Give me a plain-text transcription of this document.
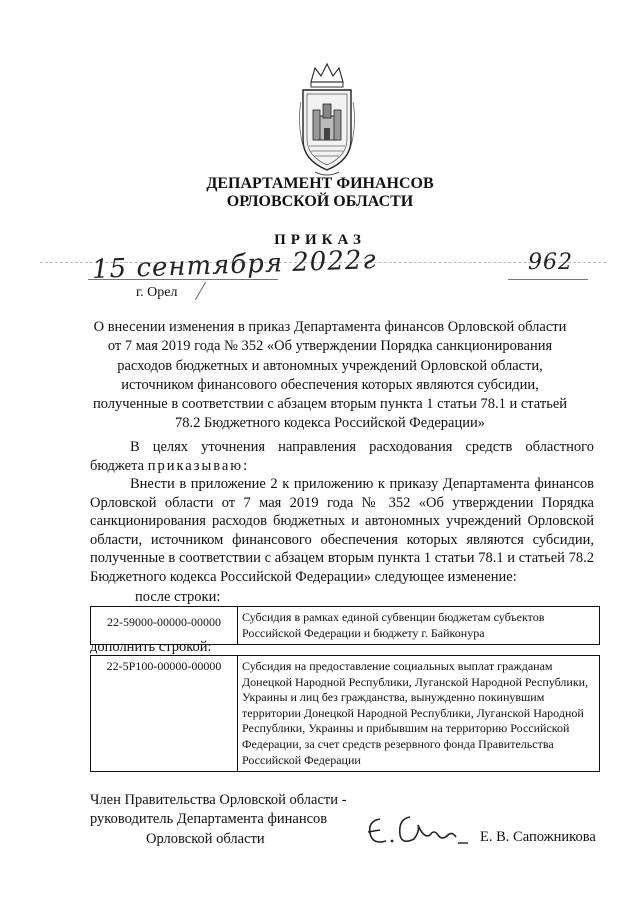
ДЕПАРТАМЕНТ ФИНАНСОВ
ОРЛОВСКОЙ ОБЛАСТИ
ПРИКАЗ
15 сентября 2022г	962
г. Орел
О внесении изменения в приказ Департамента финансов Орловской области
от 7 мая 2019 года № 352 «Об утверждении Порядка санкционирования
расходов бюджетных и автономных учреждений Орловской области,
источником финансового обеспечения которых являются субсидии,
полученные в соответствии с абзацем вторым пункта 1 статьи 78.1 и статьей
78.2 Бюджетного кодекса Российской Федерации»
В целях уточнения направления расходования средств областного бюджета приказываю:
Внести в приложение 2 к приложению к приказу Департамента финансов Орловской области от 7 мая 2019 года № 352 «Об утверждении Порядка санкционирования расходов бюджетных и автономных учреждений Орловской области, источником финансового обеспечения которых являются субсидии, полученные в соответствии с абзацем вторым пункта 1 статьи 78.1 и статьей 78.2 Бюджетного кодекса Российской Федерации» следующее изменение:
после строки:
22-59000-00000-00000	Субсидия в рамках единой субвенции бюджетам субъектов Российской Федерации и бюджету г. Байконура
дополнить строкой:
22-5Р100-00000-00000	Субсидия на предоставление социальных выплат гражданам Донецкой Народной Республики, Луганской Народной Республики, Украины и лиц без гражданства, вынужденно покинувшим территории Донецкой Народной Республики, Луганской Народной Республики, Украины и прибывшим на территорию Российской Федерации, за счет средств резервного фонда Правительства Российской Федерации
Член Правительства Орловской области -
руководитель Департамента финансов
Орловской области	Е. В. Сапожникова
